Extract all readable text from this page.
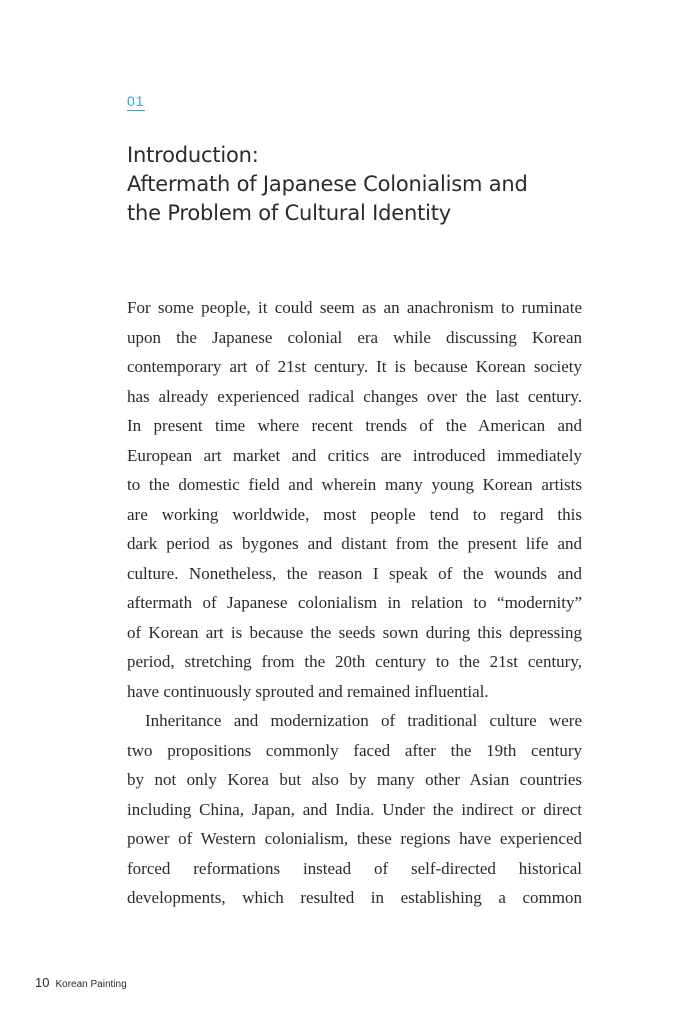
01
Introduction:
Aftermath of Japanese Colonialism and
the Problem of Cultural Identity
For some people, it could seem as an anachronism to ruminate
upon the Japanese colonial era while discussing Korean
contemporary art of 21st century. It is because Korean society
has already experienced radical changes over the last century.
In present time where recent trends of the American and
European art market and critics are introduced immediately
to the domestic field and wherein many young Korean artists
are working worldwide, most people tend to regard this
dark period as bygones and distant from the present life and
culture. Nonetheless, the reason I speak of the wounds and
aftermath of Japanese colonialism in relation to “modernity”
of Korean art is because the seeds sown during this depressing
period, stretching from the 20th century to the 21st century,
have continuously sprouted and remained influential.
Inheritance and modernization of traditional culture were
two propositions commonly faced after the 19th century
by not only Korea but also by many other Asian countries
including China, Japan, and India. Under the indirect or direct
power of Western colonialism, these regions have experienced
forced reformations instead of self-directed historical
developments, which resulted in establishing a common
10 Korean Painting
